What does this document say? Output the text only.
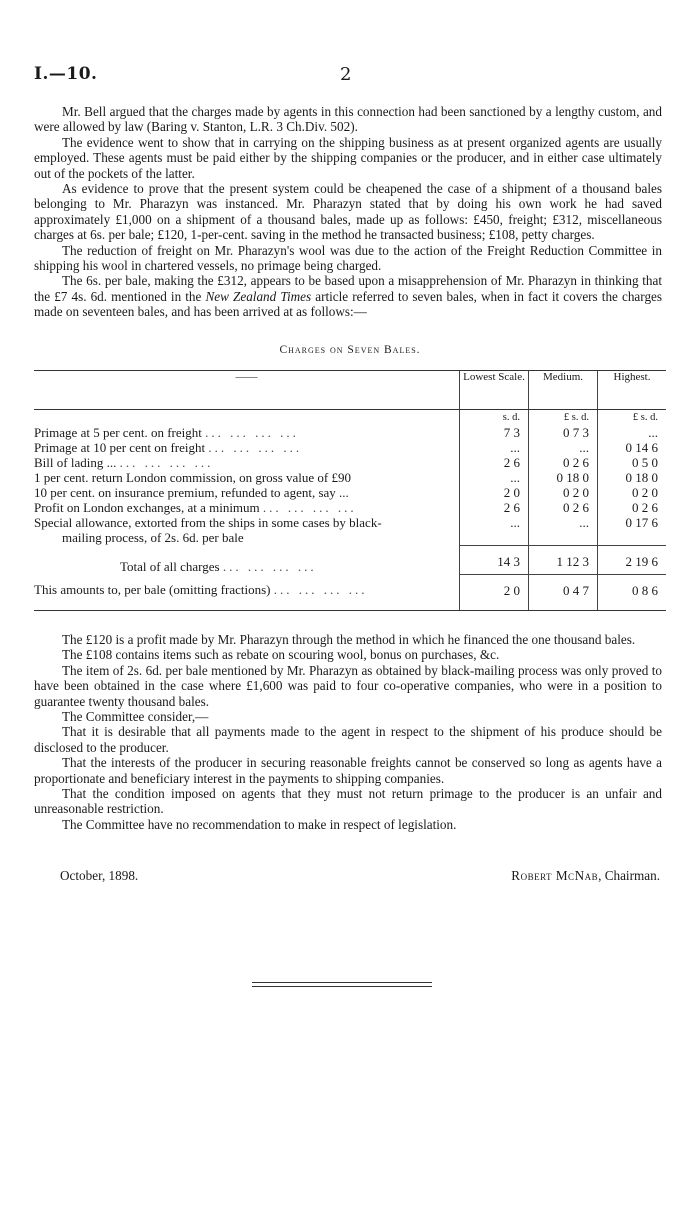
I.—10.	2

Mr. Bell argued that the charges made by agents in this connection had been sanctioned by a lengthy custom, and were allowed by law (Baring v. Stanton, L.R. 3 Ch.Div. 502).

The evidence went to show that in carrying on the shipping business as at present organized agents are usually employed. These agents must be paid either by the shipping companies or the producer, and in either case ultimately out of the pockets of the latter.

As evidence to prove that the present system could be cheapened the case of a shipment of a thousand bales belonging to Mr. Pharazyn was instanced. Mr. Pharazyn stated that by doing his own work he had saved approximately £1,000 on a shipment of a thousand bales, made up as follows: £450, freight; £312, miscellaneous charges at 6s. per bale; £120, 1-per-cent. saving in the method he transacted business; £108, petty charges.

The reduction of freight on Mr. Pharazyn's wool was due to the action of the Freight Reduction Committee in shipping his wool in chartered vessels, no primage being charged.

The 6s. per bale, making the £312, appears to be based upon a misapprehension of Mr. Pharazyn in thinking that the £7 4s. 6d. mentioned in the New Zealand Times article referred to seven bales, when in fact it covers the charges made on seventeen bales, and has been arrived at as follows:—

Charges on Seven Bales.
——	Lowest Scale.	Medium.	Highest.
	s. d.	£ s. d.	£ s. d.
Primage at 5 per cent. on freight ... ... ... ...	7 3	0 7 3	...
Primage at 10 per cent on freight ... ... ... ...	...	...	0 14 6
Bill of lading ... ... ... ... ...	2 6	0 2 6	0 5 0
1 per cent. return London commission, on gross value of £90	...	0 18 0	0 18 0
10 per cent. on insurance premium, refunded to agent, say ...	2 0	0 2 0	0 2 0
Profit on London exchanges, at a minimum ... ... ... ...	2 6	0 2 6	0 2 6

Special allowance, extorted from the ships in some cases by black-
mailing process, of 2s. 6d. per bale	...	...	0 17 6
Total of all charges ... ... ... ...	14 3	1 12 3	2 19 6
This amounts to, per bale (omitting fractions) ... ... ... ...	2 0	0 4 7	0 8 6

The £120 is a profit made by Mr. Pharazyn through the method in which he financed the one thousand bales.

The £108 contains items such as rebate on scouring wool, bonus on purchases, &c.

The item of 2s. 6d. per bale mentioned by Mr. Pharazyn as obtained by black-mailing process was only proved to have been obtained in the case where £1,600 was paid to four co-operative companies, who were in a position to guarantee twenty thousand bales.

The Committee consider,—

That it is desirable that all payments made to the agent in respect to the shipment of his produce should be disclosed to the producer.

That the interests of the producer in securing reasonable freights cannot be conserved so long as agents have a proportionate and beneficiary interest in the payments to shipping companies.

That the condition imposed on agents that they must not return primage to the producer is an unfair and unreasonable restriction.

The Committee have no recommendation to make in respect of legislation.

October, 1898.	Robert McNab, Chairman.
